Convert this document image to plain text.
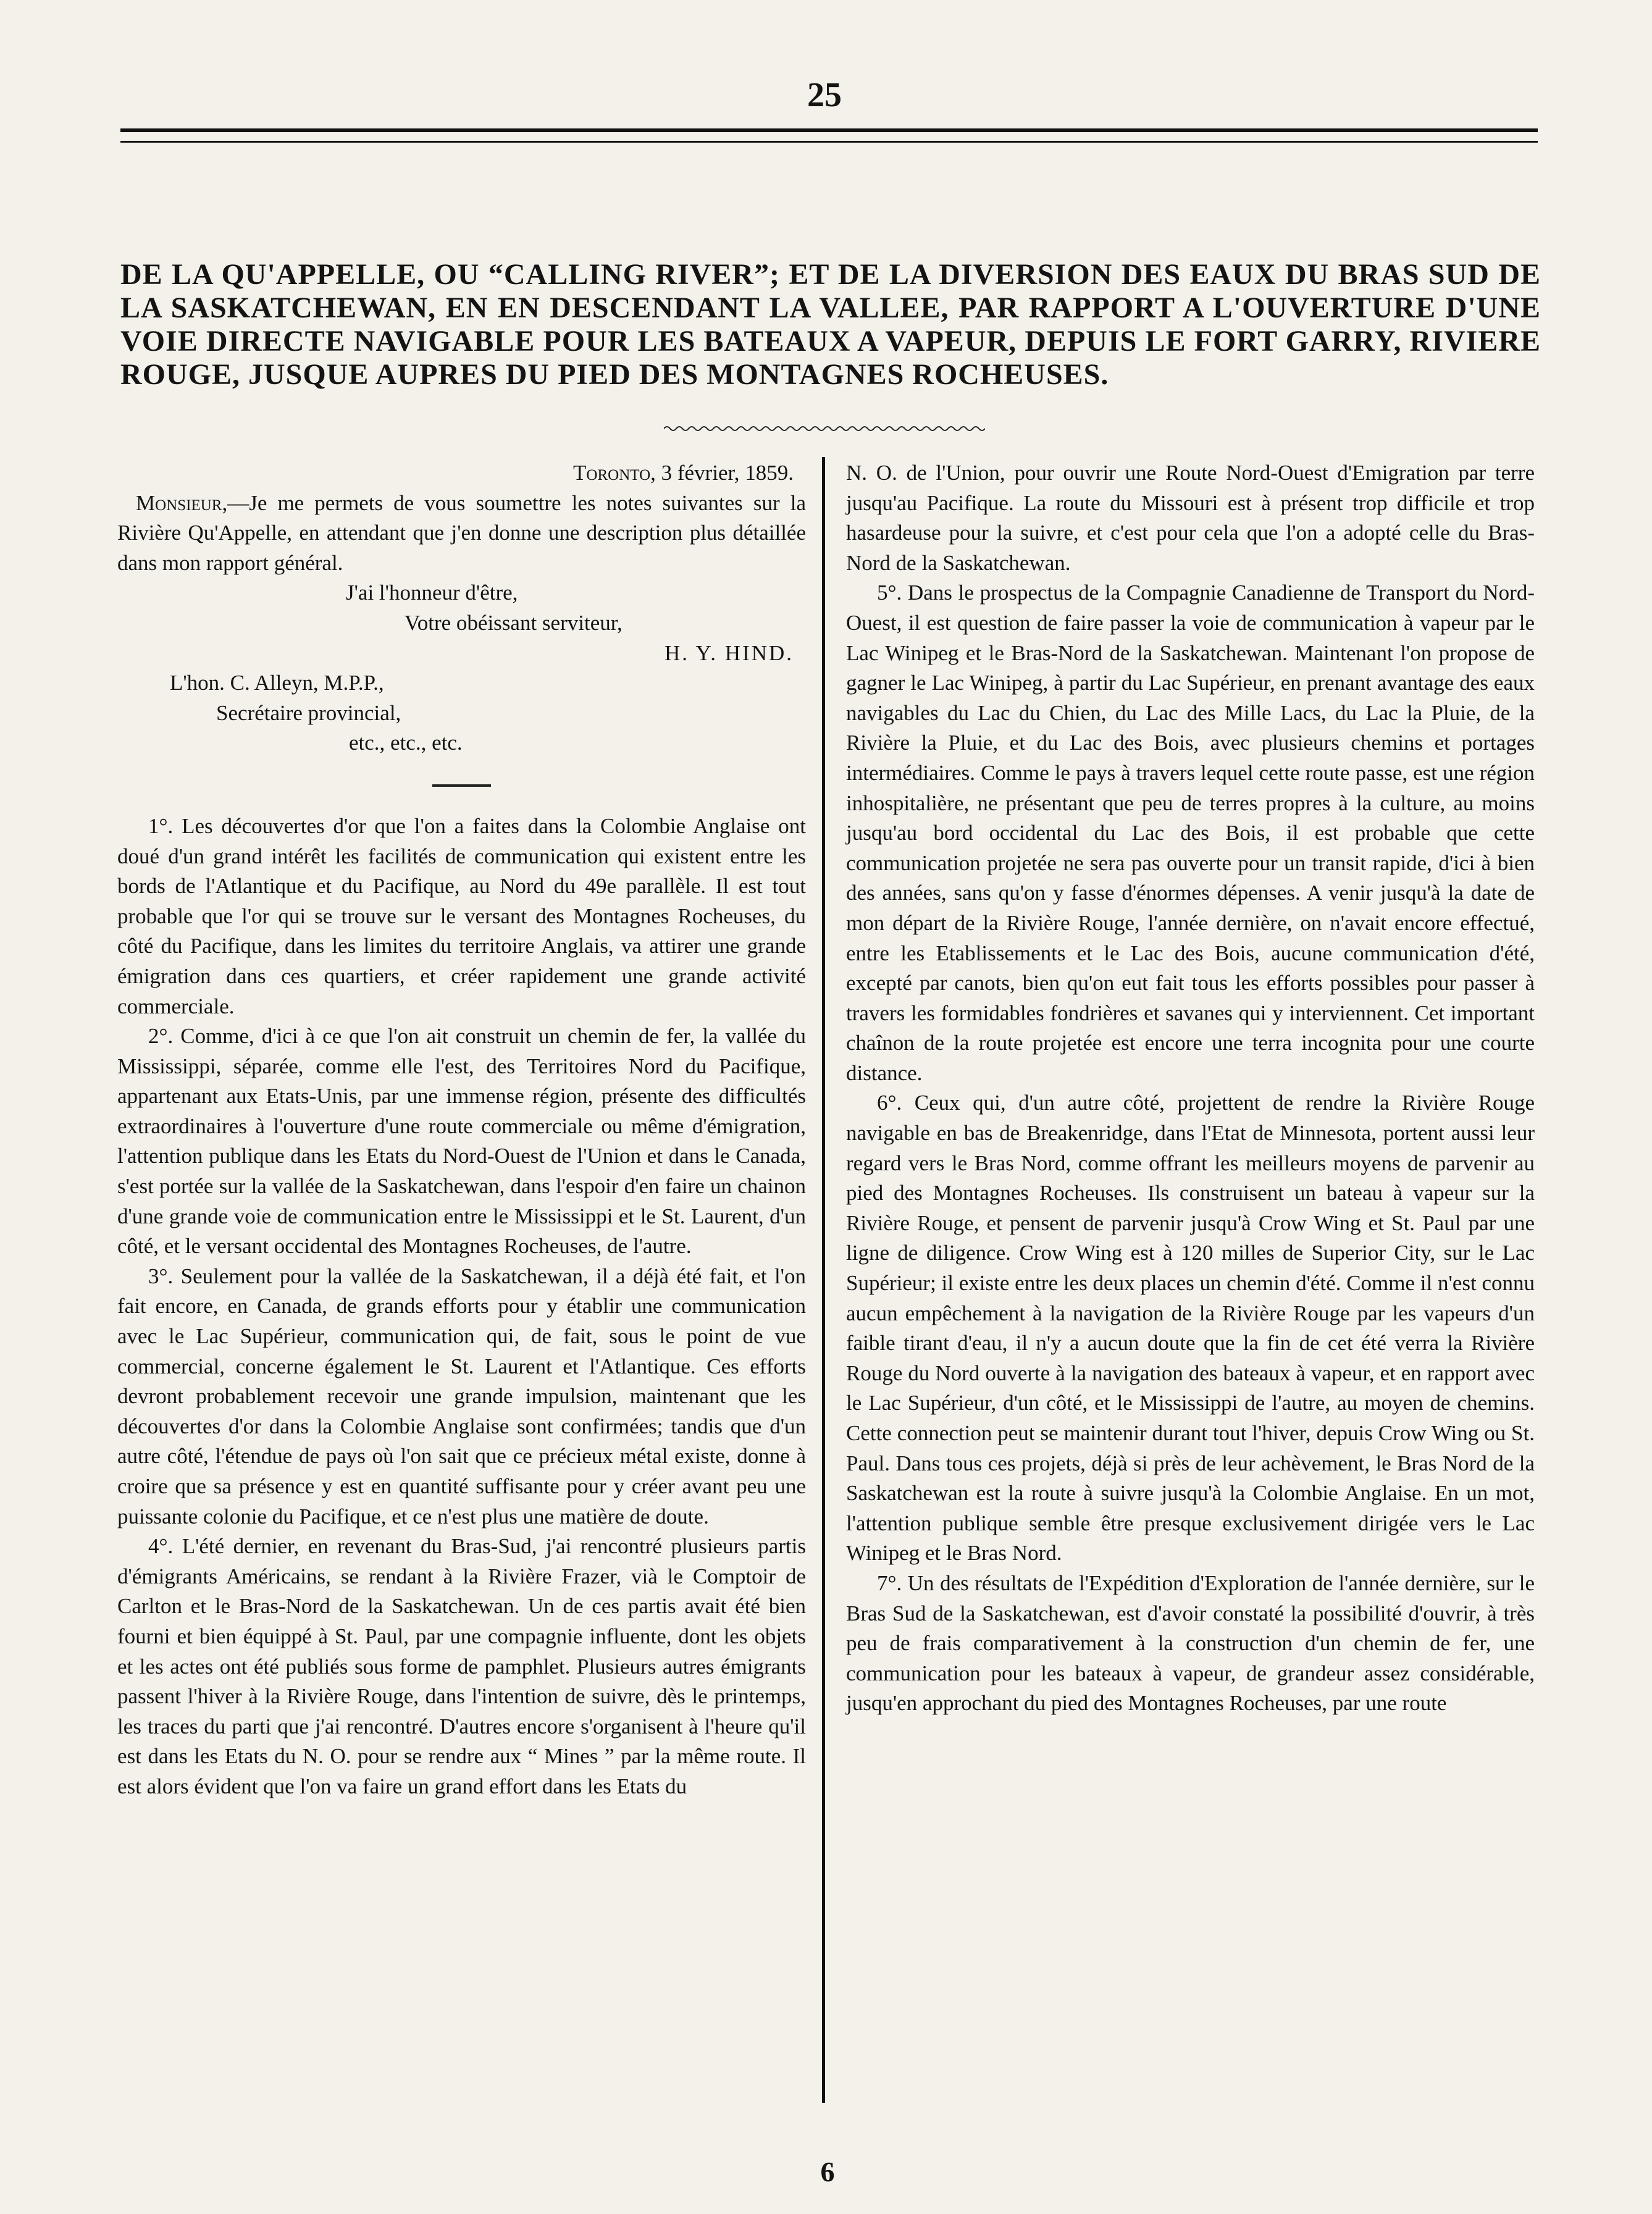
25
DE LA QU'APPELLE, OU “CALLING RIVER”; ET DE LA DIVERSION DES EAUX DU BRAS SUD DE LA SASKATCHEWAN, EN EN DESCENDANT LA VALLEE, PAR RAPPORT A L'OUVERTURE D'UNE VOIE DIRECTE NAVIGABLE POUR LES BATEAUX A VAPEUR, DEPUIS LE FORT GARRY, RIVIERE ROUGE, JUSQUE AUPRES DU PIED DES MONTAGNES ROCHEUSES.

Toronto, 3 février, 1859.

Monsieur,—Je me permets de vous soumettre les notes suivantes sur la Rivière Qu'Appelle, en attendant que j'en donne une description plus détaillée dans mon rapport général.

J'ai l'honneur d'être,

Votre obéissant serviteur,

H. Y. HIND.

L'hon. C. Alleyn, M.P.P.,

Secrétaire provincial,

etc., etc., etc.

1°. Les découvertes d'or que l'on a faites dans la Colombie Anglaise ont doué d'un grand intérêt les facilités de communication qui existent entre les bords de l'Atlantique et du Pacifique, au Nord du 49e parallèle. Il est tout probable que l'or qui se trouve sur le versant des Montagnes Rocheuses, du côté du Pacifique, dans les limites du territoire Anglais, va attirer une grande émigration dans ces quartiers, et créer rapidement une grande activité commerciale.

2°. Comme, d'ici à ce que l'on ait construit un chemin de fer, la vallée du Mississippi, séparée, comme elle l'est, des Territoires Nord du Pacifique, appartenant aux Etats-Unis, par une immense région, présente des difficultés extraordinaires à l'ouverture d'une route commerciale ou même d'émigration, l'attention publique dans les Etats du Nord-Ouest de l'Union et dans le Canada, s'est portée sur la vallée de la Saskatchewan, dans l'espoir d'en faire un chainon d'une grande voie de communication entre le Mississippi et le St. Laurent, d'un côté, et le versant occidental des Montagnes Rocheuses, de l'autre.

3°. Seulement pour la vallée de la Saskatchewan, il a déjà été fait, et l'on fait encore, en Canada, de grands efforts pour y établir une communication avec le Lac Supérieur, communication qui, de fait, sous le point de vue commercial, concerne également le St. Laurent et l'Atlantique. Ces efforts devront probablement recevoir une grande impulsion, maintenant que les découvertes d'or dans la Colombie Anglaise sont confirmées; tandis que d'un autre côté, l'étendue de pays où l'on sait que ce précieux métal existe, donne à croire que sa présence y est en quantité suffisante pour y créer avant peu une puissante colonie du Pacifique, et ce n'est plus une matière de doute.

4°. L'été dernier, en revenant du Bras-Sud, j'ai rencontré plusieurs partis d'émigrants Américains, se rendant à la Rivière Frazer, vià le Comptoir de Carlton et le Bras-Nord de la Saskatchewan. Un de ces partis avait été bien fourni et bien équippé à St. Paul, par une compagnie influente, dont les objets et les actes ont été publiés sous forme de pamphlet. Plusieurs autres émigrants passent l'hiver à la Rivière Rouge, dans l'intention de suivre, dès le printemps, les traces du parti que j'ai rencontré. D'autres encore s'organisent à l'heure qu'il est dans les Etats du N. O. pour se rendre aux “ Mines ” par la même route. Il est alors évident que l'on va faire un grand effort dans les Etats du

N. O. de l'Union, pour ouvrir une Route Nord-Ouest d'Emigration par terre jusqu'au Pacifique. La route du Missouri est à présent trop difficile et trop hasardeuse pour la suivre, et c'est pour cela que l'on a adopté celle du Bras-Nord de la Saskatchewan.

5°. Dans le prospectus de la Compagnie Canadienne de Transport du Nord-Ouest, il est question de faire passer la voie de communication à vapeur par le Lac Winipeg et le Bras-Nord de la Saskatchewan. Maintenant l'on propose de gagner le Lac Winipeg, à partir du Lac Supérieur, en prenant avantage des eaux navigables du Lac du Chien, du Lac des Mille Lacs, du Lac la Pluie, de la Rivière la Pluie, et du Lac des Bois, avec plusieurs chemins et portages intermédiaires. Comme le pays à travers lequel cette route passe, est une région inhospitalière, ne présentant que peu de terres propres à la culture, au moins jusqu'au bord occidental du Lac des Bois, il est probable que cette communication projetée ne sera pas ouverte pour un transit rapide, d'ici à bien des années, sans qu'on y fasse d'énormes dépenses. A venir jusqu'à la date de mon départ de la Rivière Rouge, l'année dernière, on n'avait encore effectué, entre les Etablissements et le Lac des Bois, aucune communication d'été, excepté par canots, bien qu'on eut fait tous les efforts possibles pour passer à travers les formidables fondrières et savanes qui y interviennent. Cet important chaînon de la route projetée est encore une terra incognita pour une courte distance.

6°. Ceux qui, d'un autre côté, projettent de rendre la Rivière Rouge navigable en bas de Breakenridge, dans l'Etat de Minnesota, portent aussi leur regard vers le Bras Nord, comme offrant les meilleurs moyens de parvenir au pied des Montagnes Rocheuses. Ils construisent un bateau à vapeur sur la Rivière Rouge, et pensent de parvenir jusqu'à Crow Wing et St. Paul par une ligne de diligence. Crow Wing est à 120 milles de Superior City, sur le Lac Supérieur; il existe entre les deux places un chemin d'été. Comme il n'est connu aucun empêchement à la navigation de la Rivière Rouge par les vapeurs d'un faible tirant d'eau, il n'y a aucun doute que la fin de cet été verra la Rivière Rouge du Nord ouverte à la navigation des bateaux à vapeur, et en rapport avec le Lac Supérieur, d'un côté, et le Mississippi de l'autre, au moyen de chemins. Cette connection peut se maintenir durant tout l'hiver, depuis Crow Wing ou St. Paul. Dans tous ces projets, déjà si près de leur achèvement, le Bras Nord de la Saskatchewan est la route à suivre jusqu'à la Colombie Anglaise. En un mot, l'attention publique semble être presque exclusivement dirigée vers le Lac Winipeg et le Bras Nord.

7°. Un des résultats de l'Expédition d'Exploration de l'année dernière, sur le Bras Sud de la Saskatchewan, est d'avoir constaté la possibilité d'ouvrir, à très peu de frais comparativement à la construction d'un chemin de fer, une communication pour les bateaux à vapeur, de grandeur assez considérable, jusqu'en approchant du pied des Montagnes Rocheuses, par une route

6
